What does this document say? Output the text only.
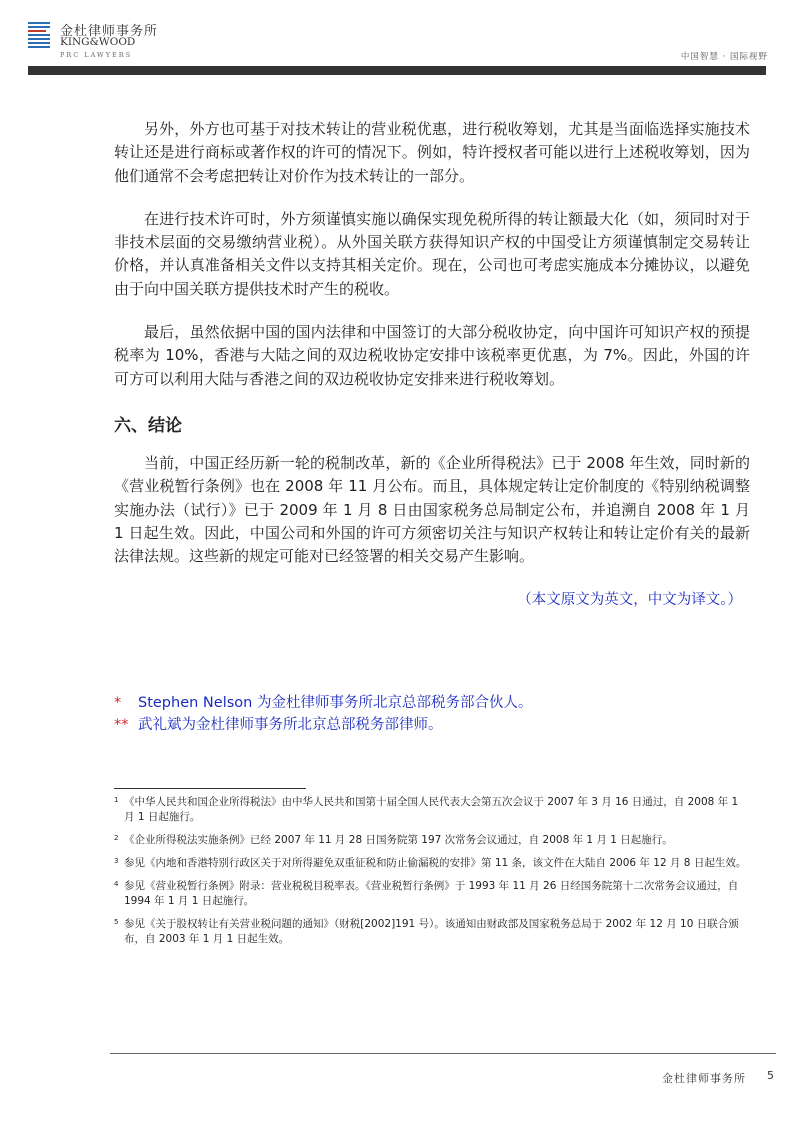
金杜律师事务所
KING&WOOD
PRC LAWYERS	中国智慧 · 国际视野

另外，外方也可基于对技术转让的营业税优惠，进行税收筹划，尤其是当面临选择实施技术转让还是进行商标或著作权的许可的情况下。例如，特许授权者可能以进行上述税收筹划，因为他们通常不会考虑把转让对价作为技术转让的一部分。

在进行技术许可时，外方须谨慎实施以确保实现免税所得的转让额最大化（如，须同时对于非技术层面的交易缴纳营业税）。从外国关联方获得知识产权的中国受让方须谨慎制定交易转让价格，并认真准备相关文件以支持其相关定价。现在，公司也可考虑实施成本分摊协议，以避免由于向中国关联方提供技术时产生的税收。

最后，虽然依据中国的国内法律和中国签订的大部分税收协定，向中国许可知识产权的预提税率为 10%，香港与大陆之间的双边税收协定安排中该税率更优惠，为 7%。因此，外国的许可方可以利用大陆与香港之间的双边税收协定安排来进行税收筹划。

六、结论

当前，中国正经历新一轮的税制改革，新的《企业所得税法》已于 2008 年生效，同时新的《营业税暂行条例》也在 2008 年 11 月公布。而且，具体规定转让定价制度的《特别纳税调整实施办法（试行）》已于 2009 年 1 月 8 日由国家税务总局制定公布，并追溯自 2008 年 1 月 1 日起生效。因此，中国公司和外国的许可方须密切关注与知识产权转让和转让定价有关的最新法律法规。这些新的规定可能对已经签署的相关交易产生影响。

（本文原文为英文，中文为译文。）
* Stephen Nelson 为金杜律师事务所北京总部税务部合伙人。
** 武礼斌为金杜律师事务所北京总部税务部律师。
1 《中华人民共和国企业所得税法》由中华人民共和国第十届全国人民代表大会第五次会议于 2007 年 3 月 16 日通过，自 2008 年 1 月 1 日起施行。
2 《企业所得税法实施条例》已经 2007 年 11 月 28 日国务院第 197 次常务会议通过，自 2008 年 1 月 1 日起施行。
3 参见《内地和香港特别行政区关于对所得避免双重征税和防止偷漏税的安排》第 11 条，该文件在大陆自 2006 年 12 月 8 日起生效。
4 参见《营业税暂行条例》附录：营业税税目税率表。《营业税暂行条例》于 1993 年 11 月 26 日经国务院第十二次常务会议通过，自 1994 年 1 月 1 日起施行。
5 参见《关于股权转让有关营业税问题的通知》（财税[2002]191 号）。该通知由财政部及国家税务总局于 2002 年 12 月 10 日联合颁布，自 2003 年 1 月 1 日起生效。
金杜律师事务所 5
